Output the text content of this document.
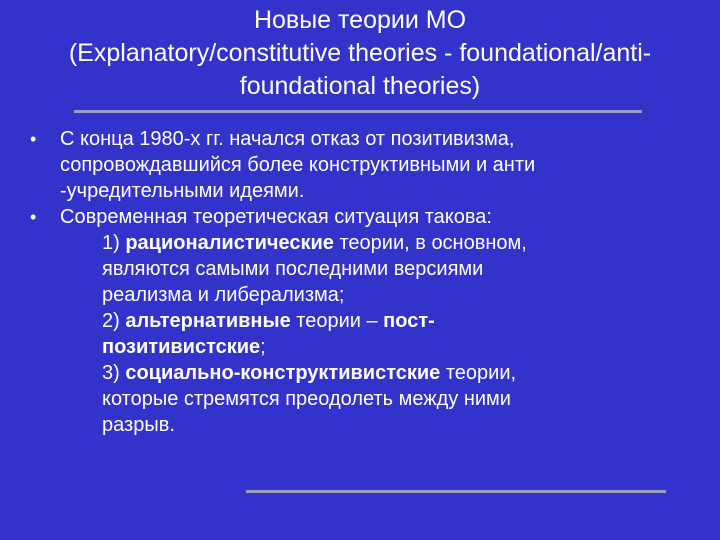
Новые теории МО
(Explanatory/constitutive theories - foundational/anti-
foundational theories)
• С конца 1980-х гг. начался отказ от позитивизма,
сопровождавшийся более конструктивными и анти
-учредительными идеями.
• Современная теоретическая ситуация такова:
1) рационалистические теории, в основном,
являются самыми последними версиями
реализма и либерализма;
2) альтернативные теории – пост-
позитивистские;
3) социально-конструктивистские теории,
которые стремятся преодолеть между ними
разрыв.
